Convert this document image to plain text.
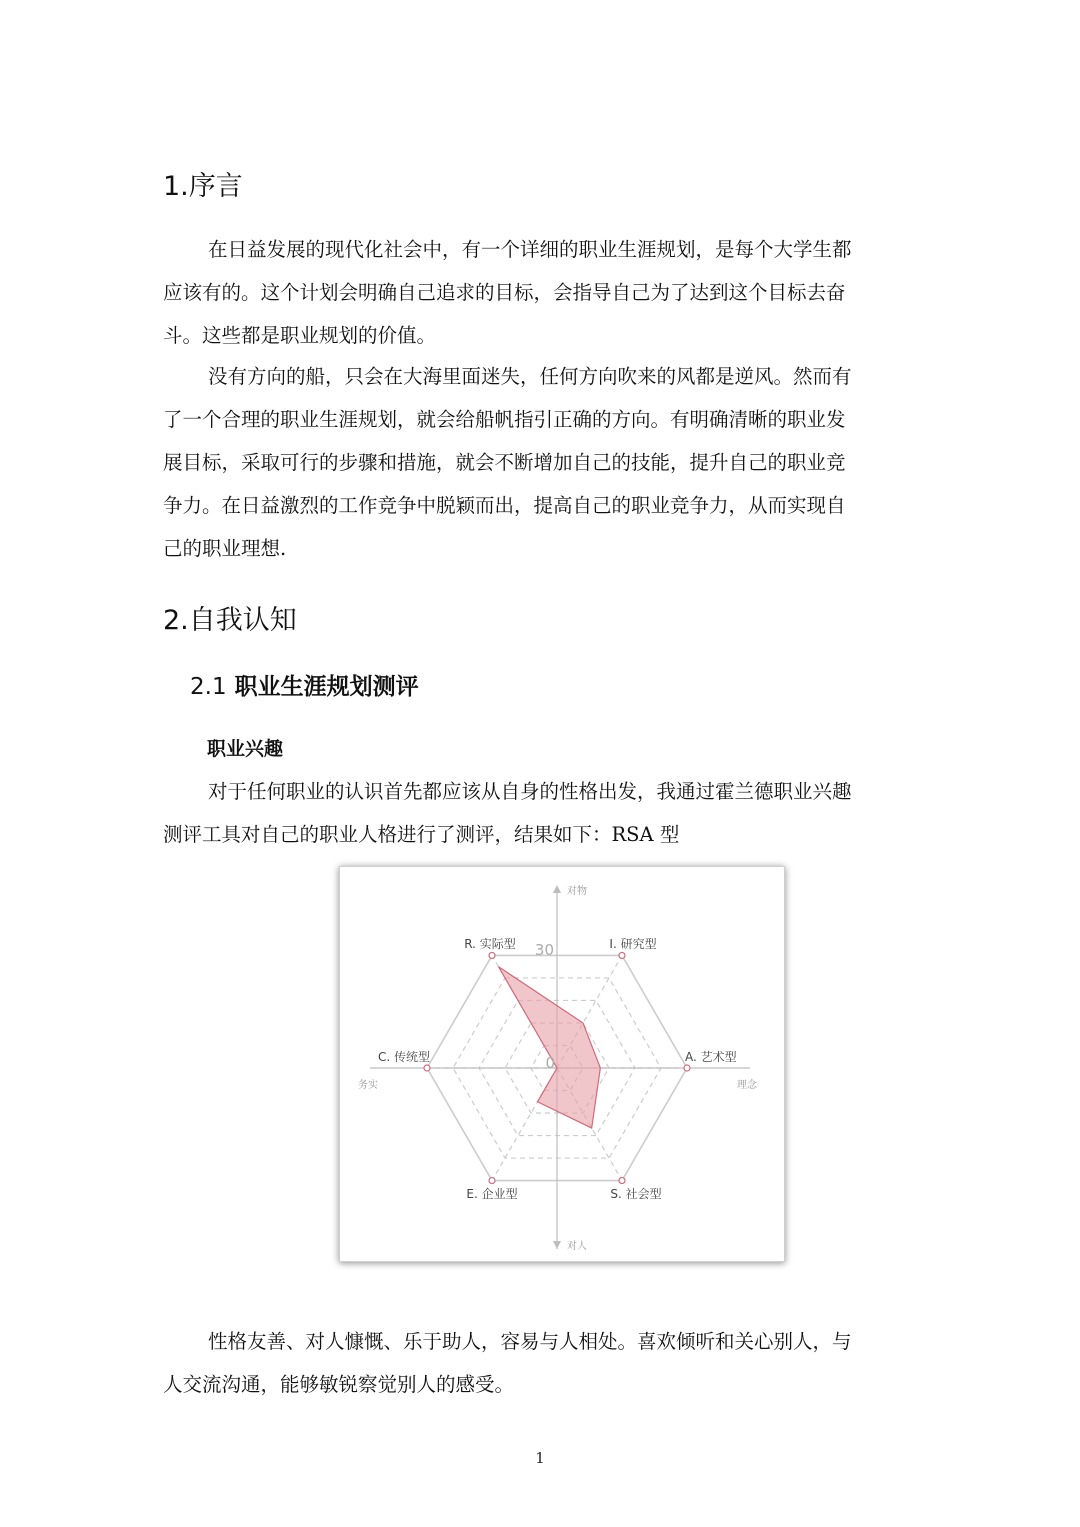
1.序言
在日益发展的现代化社会中，有一个详细的职业生涯规划，是每个大学生都
应该有的。这个计划会明确自己追求的目标，会指导自己为了达到这个目标去奋
斗。这些都是职业规划的价值。
没有方向的船，只会在大海里面迷失，任何方向吹来的风都是逆风。然而有
了一个合理的职业生涯规划，就会给船帆指引正确的方向。有明确清晰的职业发
展目标，采取可行的步骤和措施，就会不断增加自己的技能，提升自己的职业竞
争力。在日益激烈的工作竞争中脱颖而出，提高自己的职业竞争力，从而实现自
己的职业理想.
2.自我认知
2.1 职业生涯规划测评
职业兴趣
对于任何职业的认识首先都应该从自身的性格出发，我通过霍兰德职业兴趣
测评工具对自己的职业人格进行了测评，结果如下：RSA 型
30
0
R. 实际型	I. 研究型
A. 艺术型
S. 社会型
E. 企业型
C. 传统型
对物
对人
务实	理念
性格友善、对人慷慨、乐于助人，容易与人相处。喜欢倾听和关心别人，与
人交流沟通，能够敏锐察觉别人的感受。
1
